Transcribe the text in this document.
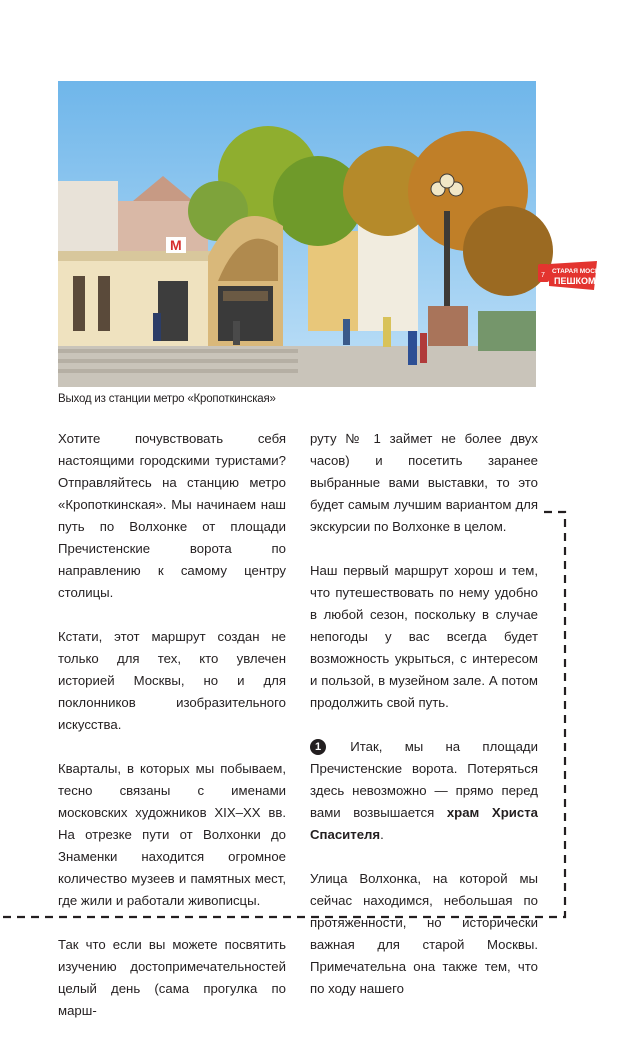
M
Выход из станции метро «Кропоткинская»
7
СТАРАЯ МОСКВА
ПЕШКОМ

Хотите почувствовать себя настоящими городскими туристами? Отправляйтесь на станцию метро «Кропоткинская». Мы начинаем наш путь по Волхонке от площади Пречистенские ворота по направлению к самому центру столицы.

Кстати, этот маршрут создан не только для тех, кто увлечен историей Москвы, но и для поклонников изобразительного искусства.

Кварталы, в которых мы побываем, тесно связаны с именами московских художников XIX–XX вв. На отрезке пути от Волхонки до Знаменки находится огромное количество музеев и памятных мест, где жили и работали живописцы.

Так что если вы можете посвятить изучению достопримечательностей целый день (сама прогулка по марш-

руту № 1 займет не более двух часов) и посетить заранее выбранные вами выставки, то это будет самым лучшим вариантом для экскурсии по Волхонке в целом.

Наш первый маршрут хорош и тем, что путешествовать по нему удобно в любой сезон, поскольку в случае непогоды у вас всегда будет возможность укрыться, с интересом и пользой, в музейном зале. А потом продолжить свой путь.

1 Итак, мы на площади Пречистенские ворота. Потеряться здесь невозможно — прямо перед вами возвышается храм Христа Спасителя.

Улица Волхонка, на которой мы сейчас находимся, небольшая по протяженности, но исторически важная для старой Москвы. Примечательна она также тем, что по ходу нашего
